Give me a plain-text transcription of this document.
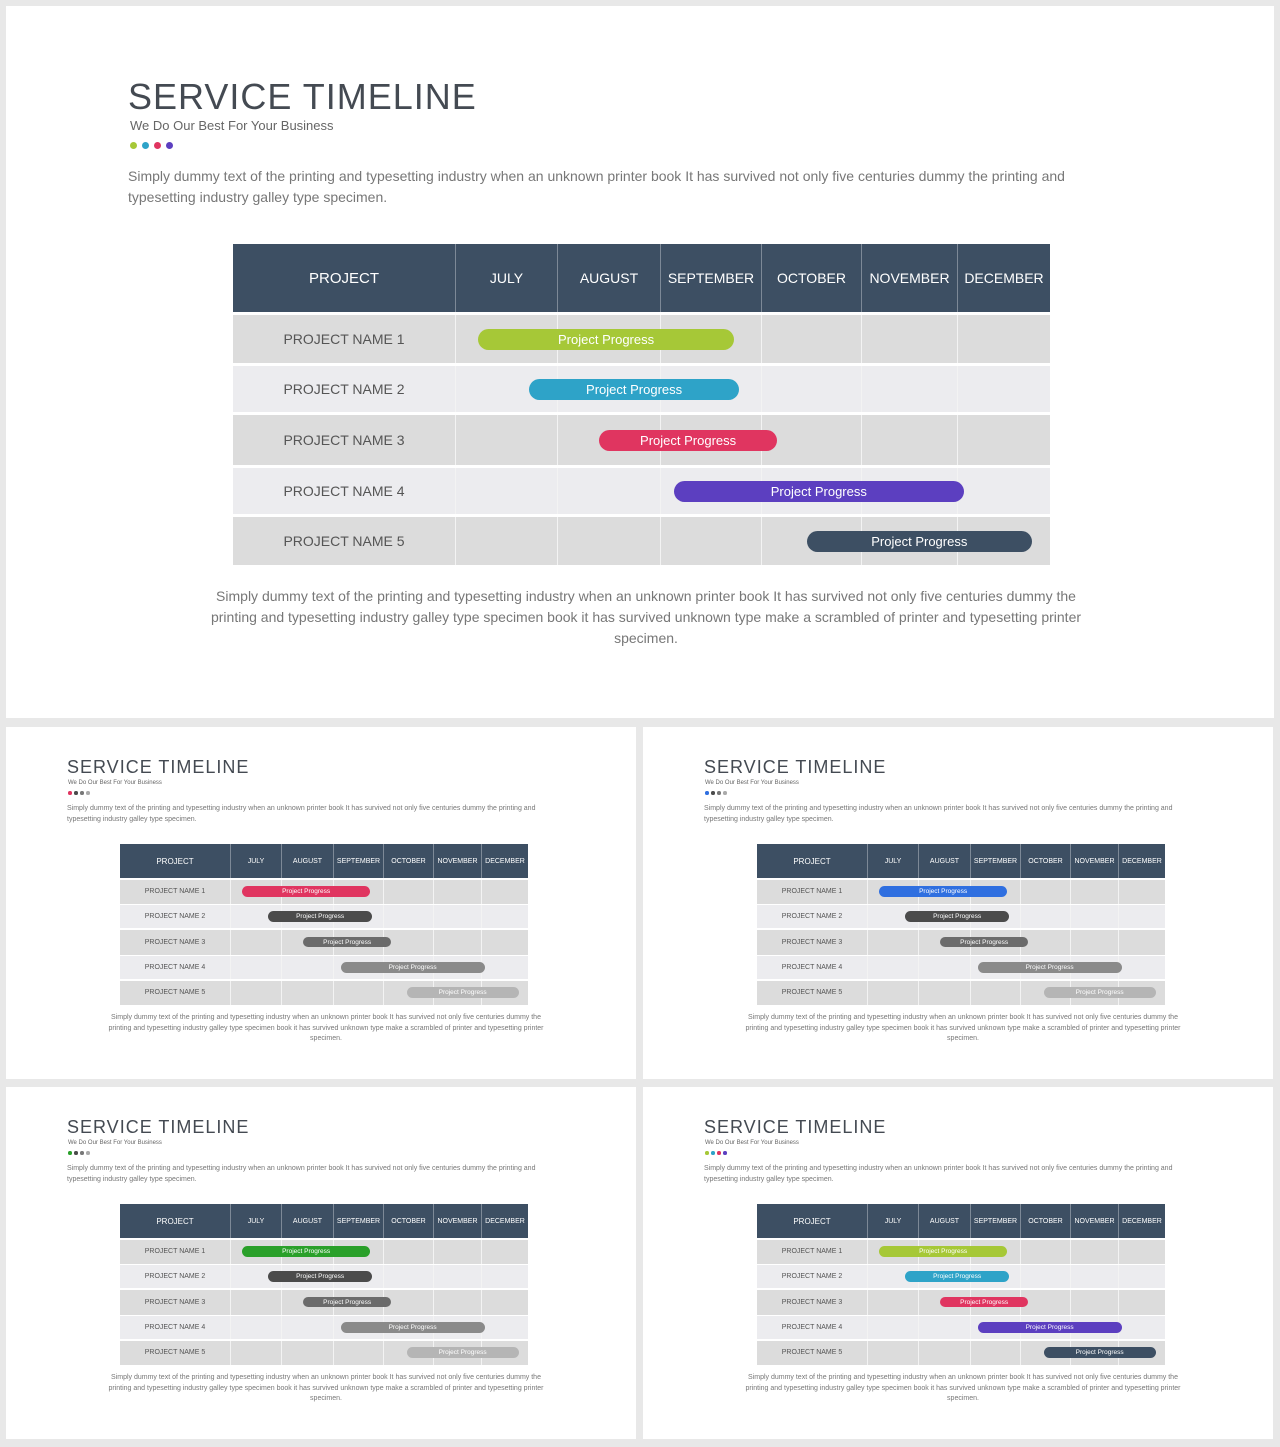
SERVICE TIMELINE
We Do Our Best For Your Business
Simply dummy text of the printing and typesetting industry when an unknown printer book It has survived not only five centuries dummy the printing and typesetting industry galley type specimen.
PROJECT	JULY	AUGUST	SEPTEMBER	OCTOBER	NOVEMBER	DECEMBER
PROJECT NAME 1	Project Progress
PROJECT NAME 2	Project Progress
PROJECT NAME 3	Project Progress
PROJECT NAME 4	Project Progress
PROJECT NAME 5	Project Progress
Simply dummy text of the printing and typesetting industry when an unknown printer book It has survived not only five centuries dummy the printing and typesetting industry galley type specimen book it has survived unknown type make a scrambled of printer and typesetting printer specimen.
SERVICE TIMELINE
We Do Our Best For Your Business
Simply dummy text of the printing and typesetting industry when an unknown printer book It has survived not only five centuries dummy the printing and typesetting industry galley type specimen.
PROJECT	JULY	AUGUST	SEPTEMBER	OCTOBER	NOVEMBER	DECEMBER
PROJECT NAME 1	Project Progress
PROJECT NAME 2	Project Progress
PROJECT NAME 3	Project Progress
PROJECT NAME 4	Project Progress
PROJECT NAME 5	Project Progress
Simply dummy text of the printing and typesetting industry when an unknown printer book It has survived not only five centuries dummy the printing and typesetting industry galley type specimen book it has survived unknown type make a scrambled of printer and typesetting printer specimen.
SERVICE TIMELINE
We Do Our Best For Your Business
Simply dummy text of the printing and typesetting industry when an unknown printer book It has survived not only five centuries dummy the printing and typesetting industry galley type specimen.
PROJECT	JULY	AUGUST	SEPTEMBER	OCTOBER	NOVEMBER	DECEMBER
PROJECT NAME 1	Project Progress
PROJECT NAME 2	Project Progress
PROJECT NAME 3	Project Progress
PROJECT NAME 4	Project Progress
PROJECT NAME 5	Project Progress
Simply dummy text of the printing and typesetting industry when an unknown printer book It has survived not only five centuries dummy the printing and typesetting industry galley type specimen book it has survived unknown type make a scrambled of printer and typesetting printer specimen.
SERVICE TIMELINE
We Do Our Best For Your Business
Simply dummy text of the printing and typesetting industry when an unknown printer book It has survived not only five centuries dummy the printing and typesetting industry galley type specimen.
PROJECT	JULY	AUGUST	SEPTEMBER	OCTOBER	NOVEMBER	DECEMBER
PROJECT NAME 1	Project Progress
PROJECT NAME 2	Project Progress
PROJECT NAME 3	Project Progress
PROJECT NAME 4	Project Progress
PROJECT NAME 5	Project Progress
Simply dummy text of the printing and typesetting industry when an unknown printer book It has survived not only five centuries dummy the printing and typesetting industry galley type specimen book it has survived unknown type make a scrambled of printer and typesetting printer specimen.
SERVICE TIMELINE
We Do Our Best For Your Business
Simply dummy text of the printing and typesetting industry when an unknown printer book It has survived not only five centuries dummy the printing and typesetting industry galley type specimen.
PROJECT	JULY	AUGUST	SEPTEMBER	OCTOBER	NOVEMBER	DECEMBER
PROJECT NAME 1	Project Progress
PROJECT NAME 2	Project Progress
PROJECT NAME 3	Project Progress
PROJECT NAME 4	Project Progress
PROJECT NAME 5	Project Progress
Simply dummy text of the printing and typesetting industry when an unknown printer book It has survived not only five centuries dummy the printing and typesetting industry galley type specimen book it has survived unknown type make a scrambled of printer and typesetting printer specimen.
